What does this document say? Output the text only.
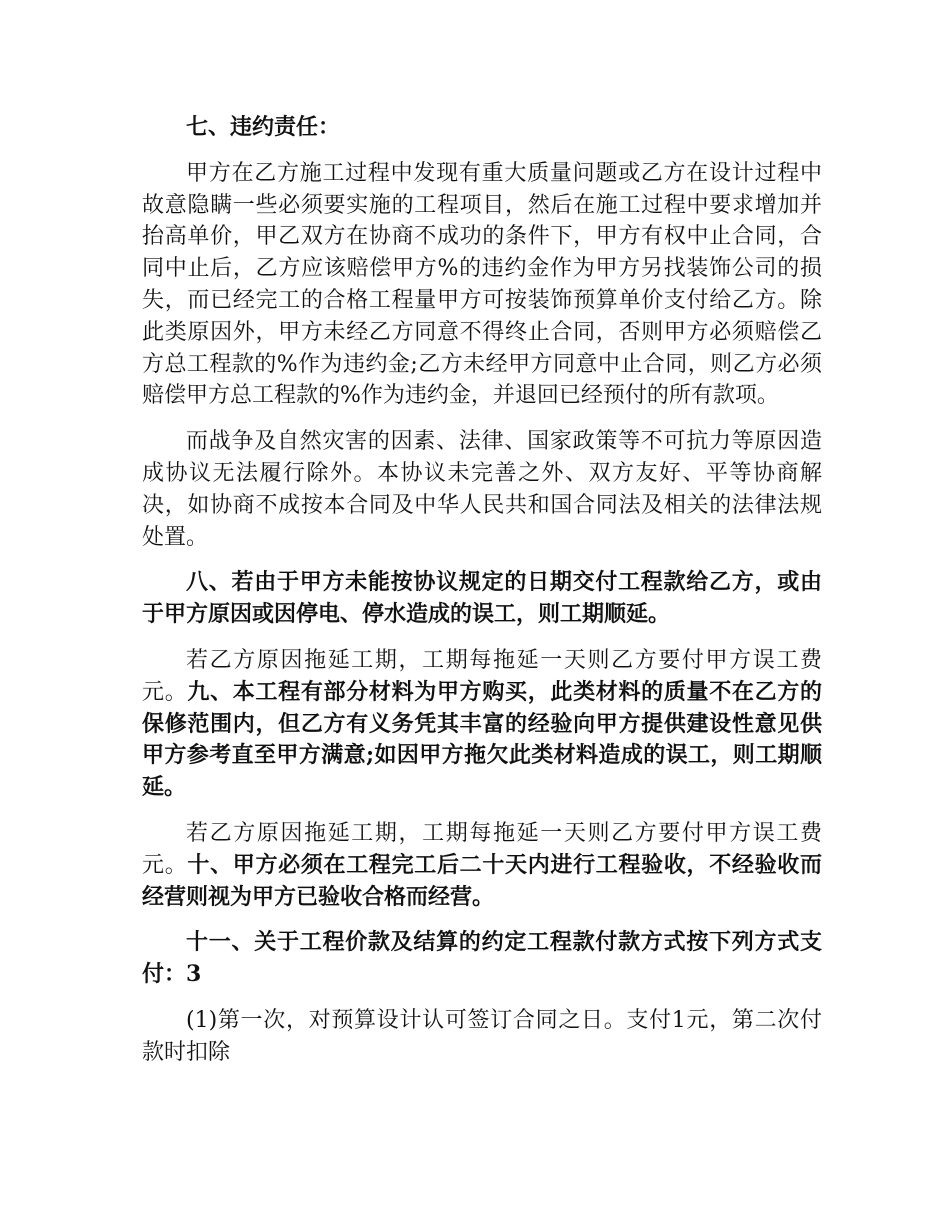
七、违约责任：

甲方在乙方施工过程中发现有重大质量问题或乙方在设计过程中故意隐瞒一些必须要实施的工程项目，然后在施工过程中要求增加并抬高单价，甲乙双方在协商不成功的条件下，甲方有权中止合同，合同中止后，乙方应该赔偿甲方%的违约金作为甲方另找装饰公司的损失，而已经完工的合格工程量甲方可按装饰预算单价支付给乙方。除此类原因外，甲方未经乙方同意不得终止合同，否则甲方必须赔偿乙方总工程款的%作为违约金;乙方未经甲方同意中止合同，则乙方必须赔偿甲方总工程款的%作为违约金，并退回已经预付的所有款项。

而战争及自然灾害的因素、法律、国家政策等不可抗力等原因造成协议无法履行除外。本协议未完善之外、双方友好、平等协商解决，如协商不成按本合同及中华人民共和国合同法及相关的法律法规处置。

八、若由于甲方未能按协议规定的日期交付工程款给乙方，或由于甲方原因或因停电、停水造成的误工，则工期顺延。

若乙方原因拖延工期，工期每拖延一天则乙方要付甲方误工费元。九、本工程有部分材料为甲方购买，此类材料的质量不在乙方的保修范围内，但乙方有义务凭其丰富的经验向甲方提供建设性意见供甲方参考直至甲方满意;如因甲方拖欠此类材料造成的误工，则工期顺延。

若乙方原因拖延工期，工期每拖延一天则乙方要付甲方误工费元。十、甲方必须在工程完工后二十天内进行工程验收，不经验收而经营则视为甲方已验收合格而经营。

十一、关于工程价款及结算的约定工程款付款方式按下列方式支付：3

(1)第一次，对预算设计认可签订合同之日。支付1元，第二次付款时扣除
